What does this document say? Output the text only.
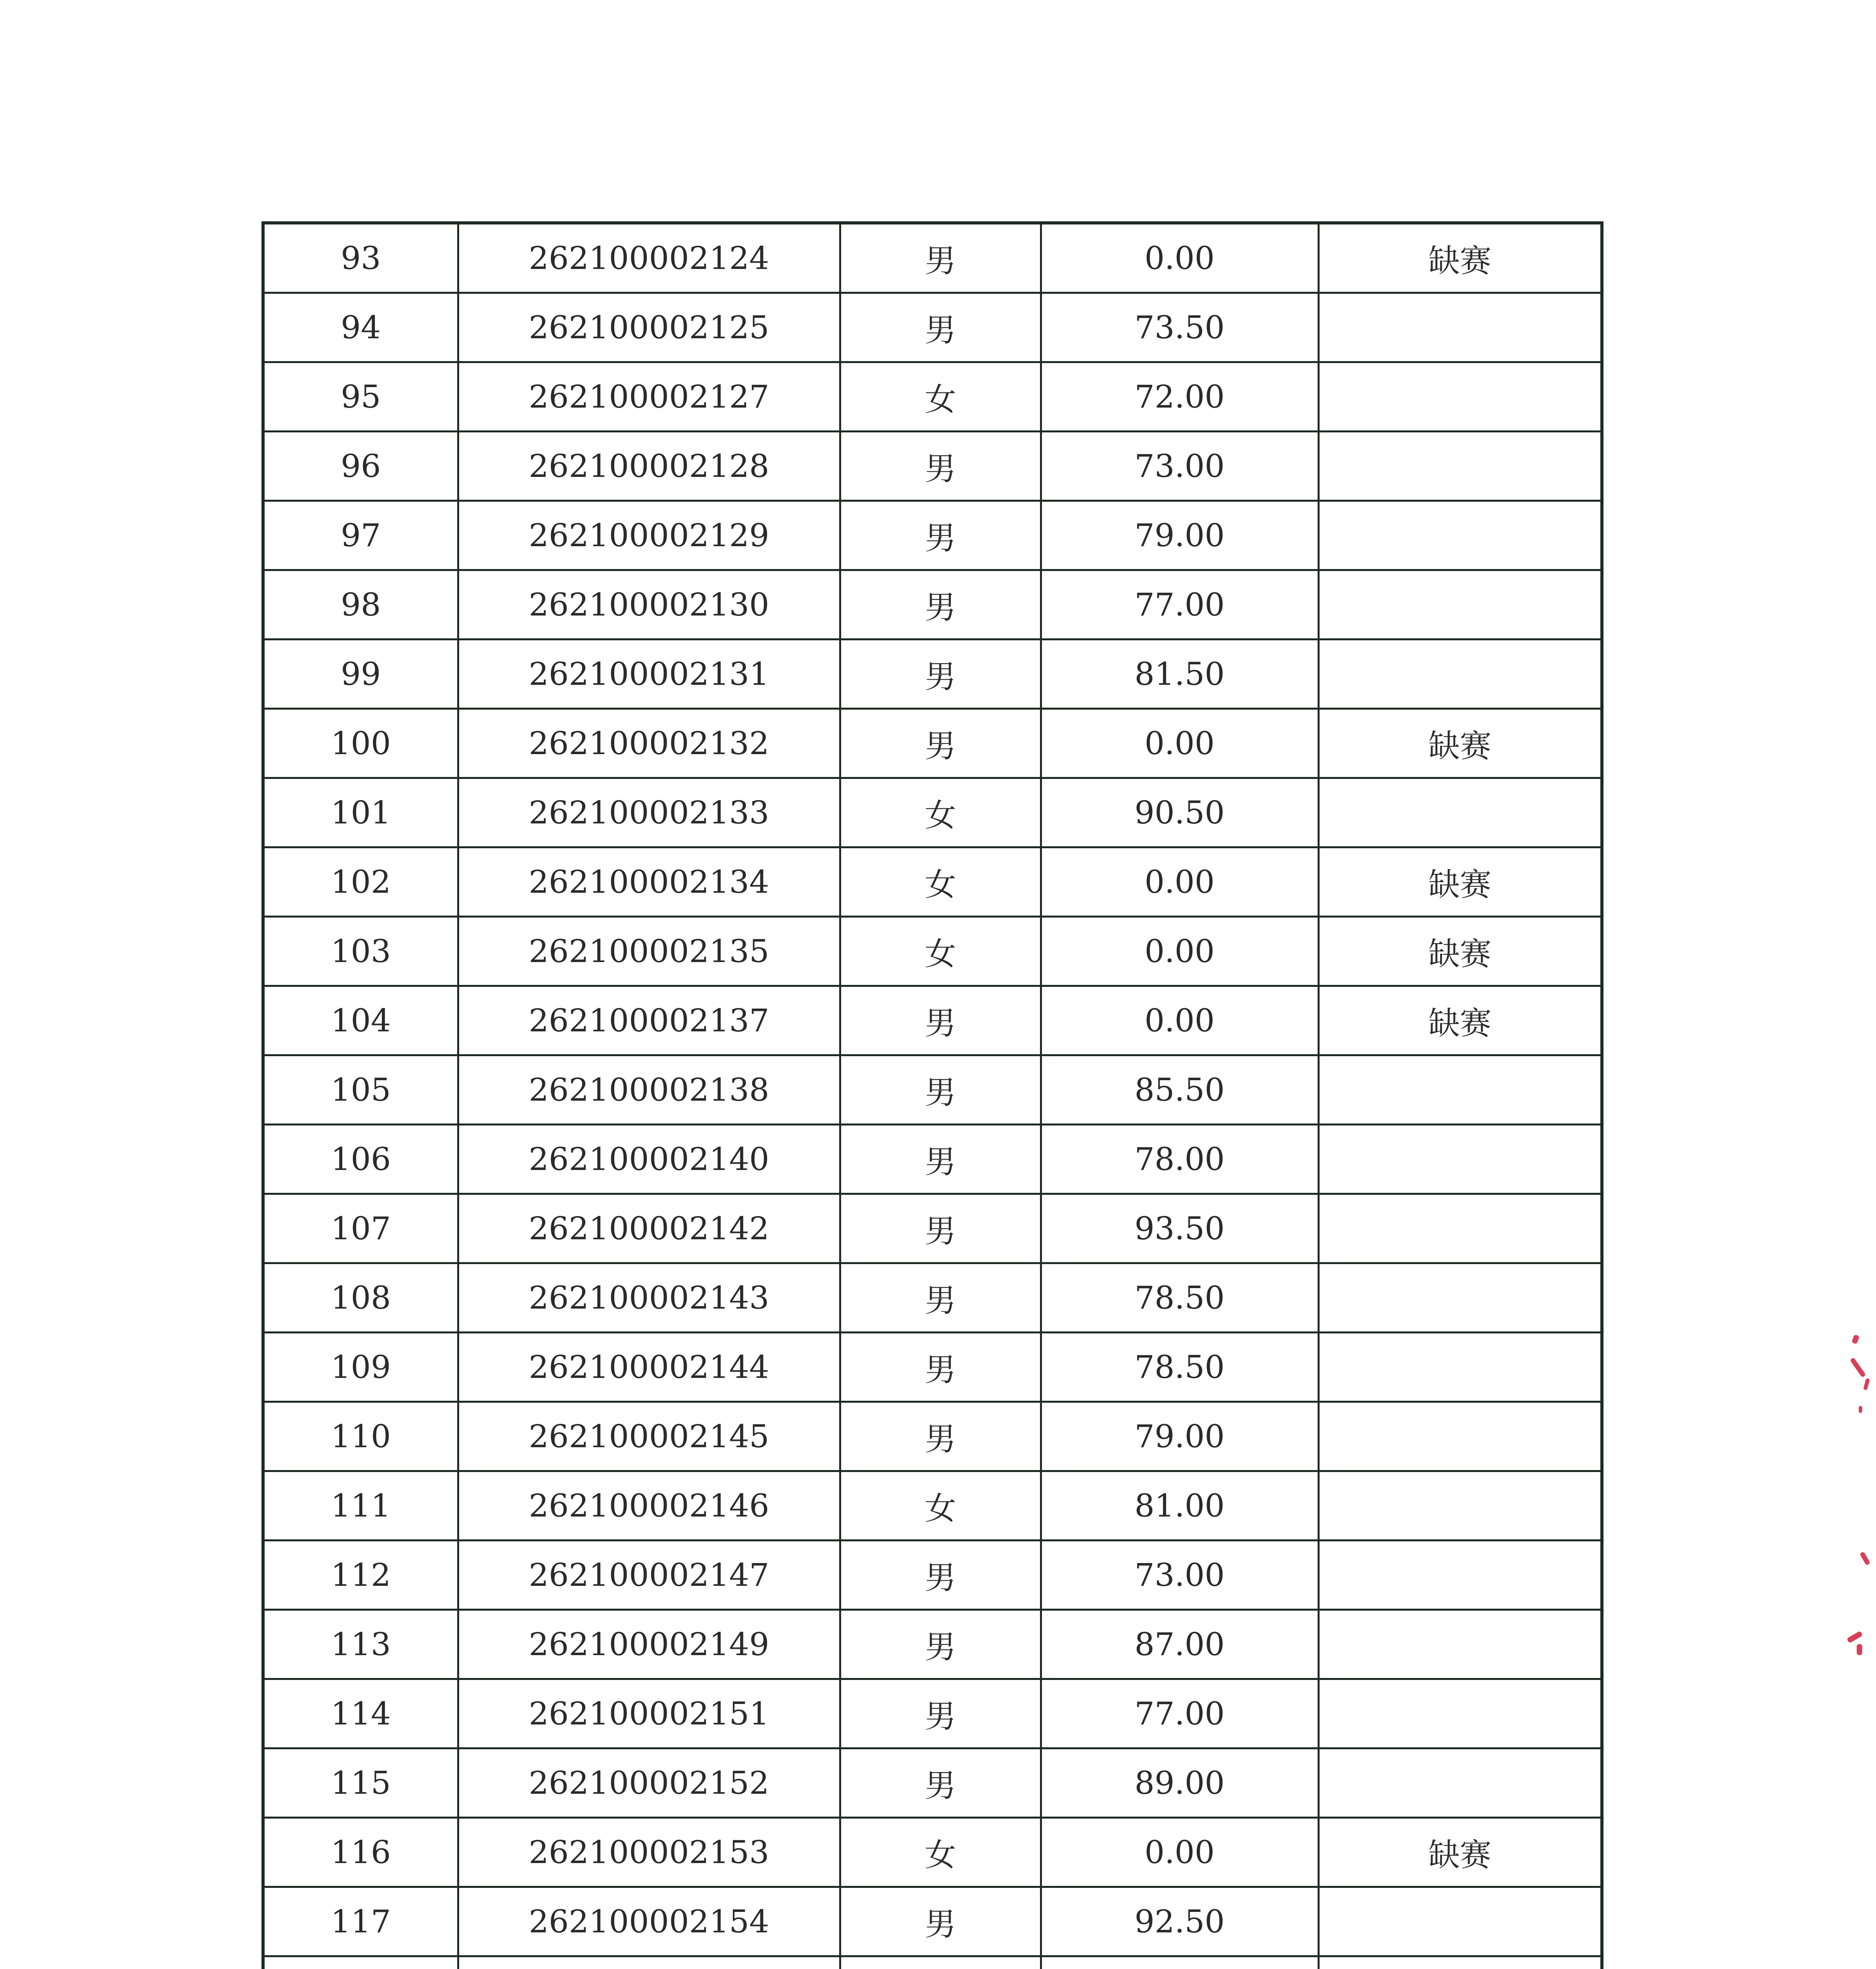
93	262100002124	男	0.00	缺赛
94	262100002125	男	73.50	
95	262100002127	女	72.00	
96	262100002128	男	73.00	
97	262100002129	男	79.00	
98	262100002130	男	77.00	
99	262100002131	男	81.50	
100	262100002132	男	0.00	缺赛
101	262100002133	女	90.50	
102	262100002134	女	0.00	缺赛
103	262100002135	女	0.00	缺赛
104	262100002137	男	0.00	缺赛
105	262100002138	男	85.50	
106	262100002140	男	78.00	
107	262100002142	男	93.50	
108	262100002143	男	78.50	
109	262100002144	男	78.50	
110	262100002145	男	79.00	
111	262100002146	女	81.00	
112	262100002147	男	73.00	
113	262100002149	男	87.00	
114	262100002151	男	77.00	
115	262100002152	男	89.00	
116	262100002153	女	0.00	缺赛
117	262100002154	男	92.50	
